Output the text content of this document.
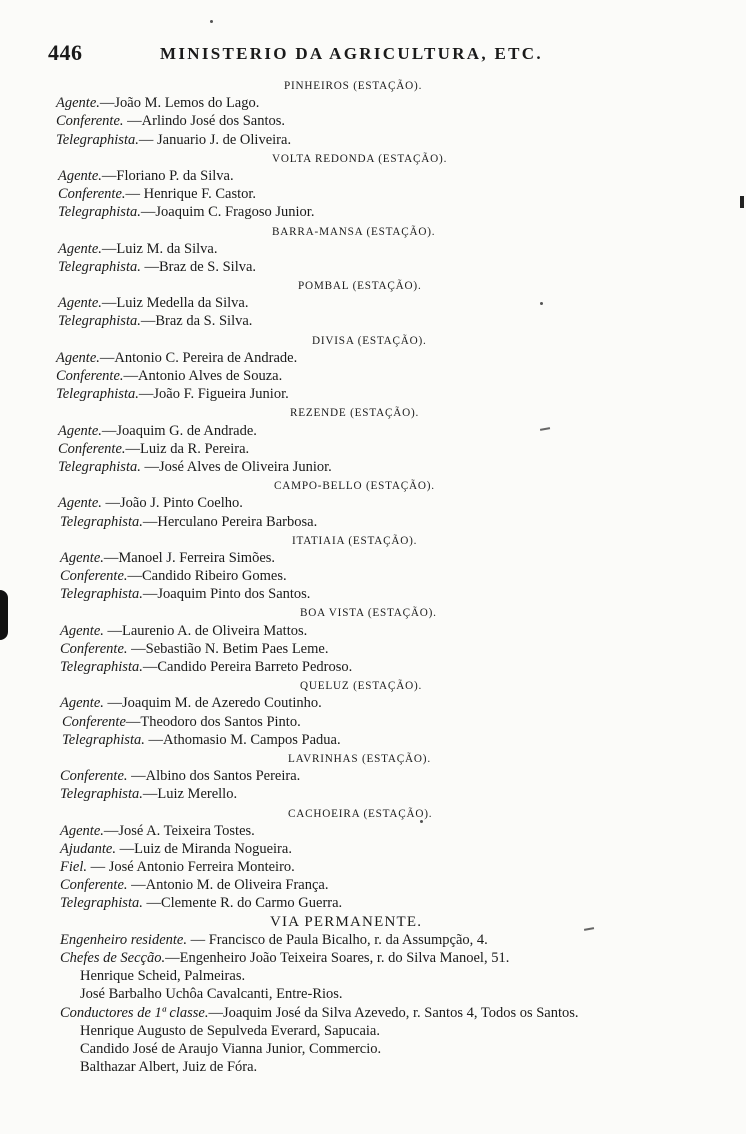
446	MINISTERIO DA AGRICULTURA, ETC.
PINHEIROS (ESTAÇÃO).
Agente.—João M. Lemos do Lago.
Conferente. —Arlindo José dos Santos.
Telegraphista.— Januario J. de Oliveira.
VOLTA REDONDA (ESTAÇÃO).
Agente.—Floriano P. da Silva.
Conferente.— Henrique F. Castor.
Telegraphista.—Joaquim C. Fragoso Junior.
BARRA-MANSA (ESTAÇÃO).
Agente.—Luiz M. da Silva.
Telegraphista. —Braz de S. Silva.
POMBAL (ESTAÇÃO).
Agente.—Luiz Medella da Silva.
Telegraphista.—Braz da S. Silva.
DIVISA (ESTAÇÃO).
Agente.—Antonio C. Pereira de Andrade.
Conferente.—Antonio Alves de Souza.
Telegraphista.—João F. Figueira Junior.
REZENDE (ESTAÇÃO).
Agente.—Joaquim G. de Andrade.
Conferente.—Luiz da R. Pereira.
Telegraphista. —José Alves de Oliveira Junior.
CAMPO-BELLO (ESTAÇÃO).
Agente. —João J. Pinto Coelho.
Telegraphista.—Herculano Pereira Barbosa.
ITATIAIA (ESTAÇÃO).
Agente.—Manoel J. Ferreira Simões.
Conferente.—Candido Ribeiro Gomes.
Telegraphista.—Joaquim Pinto dos Santos.
BOA VISTA (ESTAÇÃO).
Agente. —Laurenio A. de Oliveira Mattos.
Conferente. —Sebastião N. Betim Paes Leme.
Telegraphista.—Candido Pereira Barreto Pedroso.
QUELUZ (ESTAÇÃO).
Agente. —Joaquim M. de Azeredo Coutinho.
Conferente—Theodoro dos Santos Pinto.
Telegraphista. —Athomasio M. Campos Padua.
LAVRINHAS (ESTAÇÃO).
Conferente. —Albino dos Santos Pereira.
Telegraphista.—Luiz Merello.
CACHOEIRA (ESTAÇÃO).
Agente.—José A. Teixeira Tostes.
Ajudante. —Luiz de Miranda Nogueira.
Fiel. — José Antonio Ferreira Monteiro.
Conferente. —Antonio M. de Oliveira França.
Telegraphista. —Clemente R. do Carmo Guerra.
VIA PERMANENTE.
Engenheiro residente. — Francisco de Paula Bicalho, r. da Assumpção, 4.
Chefes de Secção.—Engenheiro João Teixeira Soares, r. do Silva Manoel, 51.
Henrique Scheid, Palmeiras.
José Barbalho Uchôa Cavalcanti, Entre-Rios.
Conductores de 1ª classe.—Joaquim José da Silva Azevedo, r. Santos 4, Todos os Santos.
Henrique Augusto de Sepulveda Everard, Sapucaia.
Candido José de Araujo Vianna Junior, Commercio.
Balthazar Albert, Juiz de Fóra.
